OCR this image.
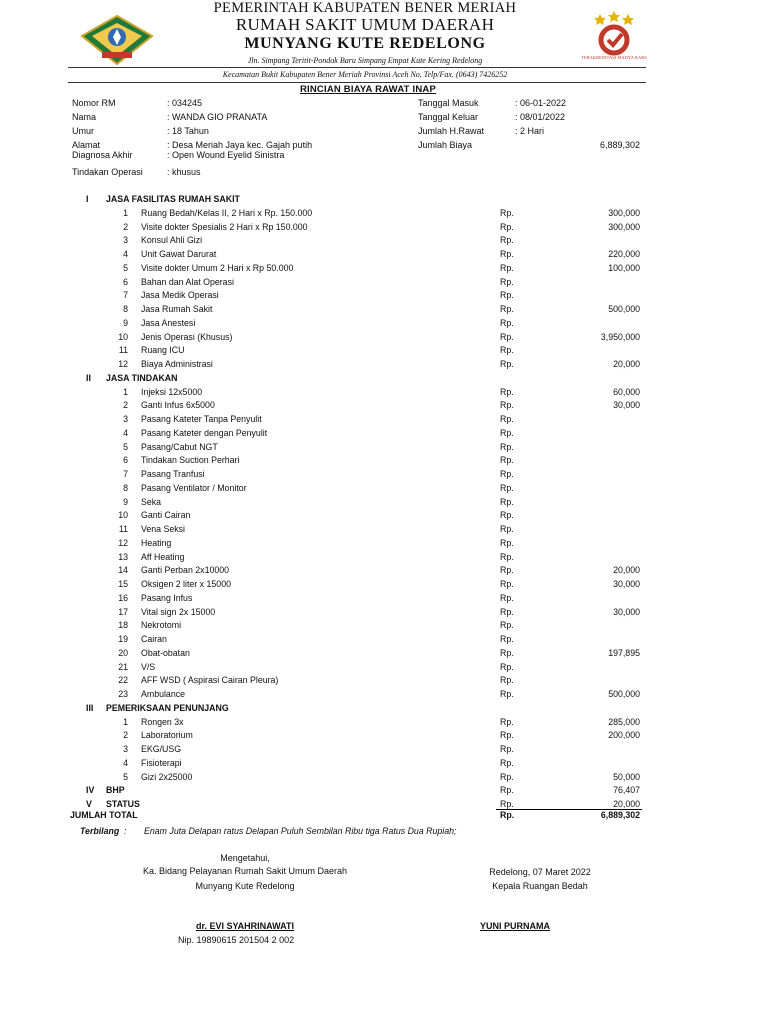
PEMERINTAH KABUPATEN BENER MERIAH
RUMAH SAKIT UMUM DAERAH
MUNYANG KUTE REDELONG
Jln. Simpang Teritit-Pondok Baru Simpang Empat Kute Kering Redelong	TERAKREDITASI MADYA KARS
Kecamatan Bukit Kabupaten Bener Meriah Provinsi Aceh No. Telp/Fax. (0643) 7426252
RINCIAN BIAYA RAWAT INAP
Nomor RM	: 034245
Nama	: WANDA GIO PRANATA
Umur	: 18 Tahun
Alamat	: Desa Meriah Jaya kec. Gajah putih
Diagnosa Akhir	: Open Wound Eyelid Sinistra
Tindakan Operasi	: khusus
Tanggal Masuk	: 06-01-2022
Tanggal Keluar	: 08/01/2022
Jumlah H.Rawat	: 2 Hari
Jumlah Biaya	6,889,302
I JASA FASILITAS RUMAH SAKIT
1 Ruang Bedah/Kelas II, 2 Hari x Rp. 150.000	Rp.	300,000
2 Visite dokter Spesialis 2 Hari x Rp 150.000	Rp.	300,000
3 Konsul Ahli Gizi	Rp.
4 Unit Gawat Darurat	Rp.	220,000
5 Visite dokter Umum 2 Hari x Rp 50.000	Rp.	100,000
6 Bahan dan Alat Operasi	Rp.
7 Jasa Medik Operasi	Rp.
8 Jasa Rumah Sakit	Rp.	500,000
9 Jasa Anestesi	Rp.
10 Jenis Operasi (Khusus)	Rp.	3,950,000
11 Ruang ICU	Rp.
12 Biaya Administrasi	Rp.	20,000
II JASA TINDAKAN
1 Injeksi 12x5000	Rp.	60,000
2 Ganti Infus 6x5000	Rp.	30,000
3 Pasang Kateter Tanpa Penyulit	Rp.
4 Pasang Kateter dengan Penyulit	Rp.
5 Pasang/Cabut NGT	Rp.
6 Tindakan Suction Perhari	Rp.
7 Pasang Tranfusi	Rp.
8 Pasang Ventilator / Monitor	Rp.
9 Seka	Rp.
10 Ganti Cairan	Rp.
11 Vena Seksi	Rp.
12 Heating	Rp.
13 Aff Heating	Rp.
14 Ganti Perban 2x10000	Rp.	20,000
15 Oksigen 2 liter x 15000	Rp.	30,000
16 Pasang Infus	Rp.
17 Vital sign 2x 15000	Rp.	30,000
18 Nekrotomi	Rp.
19 Cairan	Rp.
20 Obat-obatan	Rp.	197,895
21 V/S	Rp.
22 AFF WSD ( Aspirasi Cairan Pleura)	Rp.
23 Ambulance	Rp.	500,000
III PEMERIKSAAN PENUNJANG
1 Rongen 3x	Rp.	285,000
2 Laboratorium	Rp.	200,000
3 EKG/USG	Rp.
4 Fisioterapi	Rp.
5 Gizi 2x25000	Rp.	50,000
IV BHP	Rp.	76,407
V STATUS	Rp.	20,000
JUMLAH TOTAL	Rp.	6,889,302
Terbilang : Enam Juta Delapan ratus Delapan Puluh Sembilan Ribu tiga Ratus Dua Rupiah;
Mengetahui,
Ka. Bidang Pelayanan Rumah Sakit Umum Daerah
Munyang Kute Redelong
dr. EVI SYAHRINAWATI
Nip. 19890615 201504 2 002
Redelong, 07 Maret 2022
Kepala Ruangan Bedah
YUNI PURNAMA
